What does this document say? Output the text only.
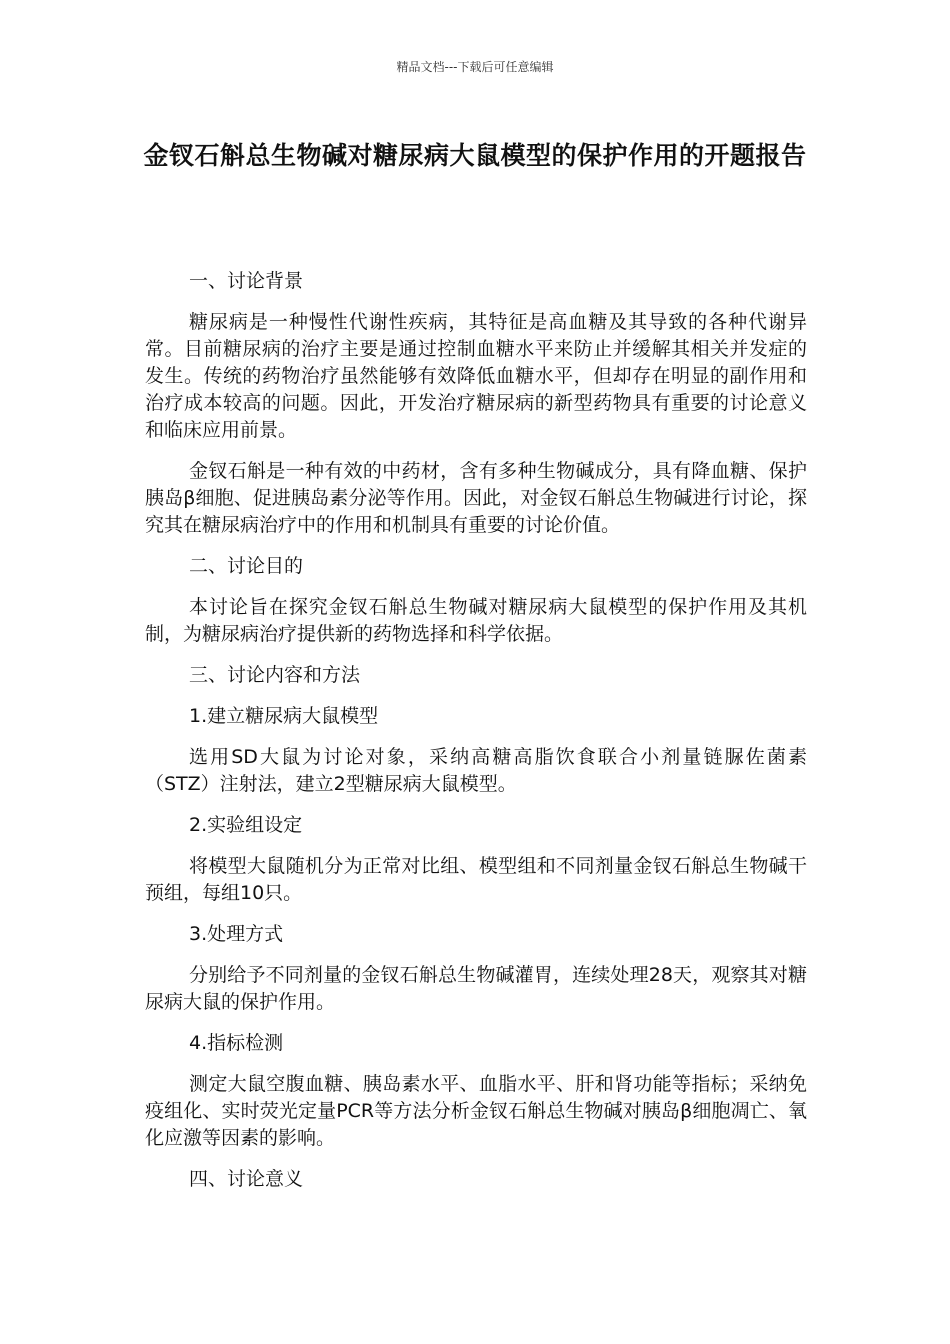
精品文档---下载后可任意编辑
金钗石斛总生物碱对糖尿病大鼠模型的保护作用的开题报告

一、讨论背景

糖尿病是一种慢性代谢性疾病，其特征是高血糖及其导致的各种代谢异常。目前糖尿病的治疗主要是通过控制血糖水平来防止并缓解其相关并发症的发生。传统的药物治疗虽然能够有效降低血糖水平，但却存在明显的副作用和治疗成本较高的问题。因此，开发治疗糖尿病的新型药物具有重要的讨论意义和临床应用前景。

金钗石斛是一种有效的中药材，含有多种生物碱成分，具有降血糖、保护胰岛β细胞、促进胰岛素分泌等作用。因此，对金钗石斛总生物碱进行讨论，探究其在糖尿病治疗中的作用和机制具有重要的讨论价值。

二、讨论目的

本讨论旨在探究金钗石斛总生物碱对糖尿病大鼠模型的保护作用及其机制，为糖尿病治疗提供新的药物选择和科学依据。

三、讨论内容和方法

1.建立糖尿病大鼠模型

选用SD大鼠为讨论对象，采纳高糖高脂饮食联合小剂量链脲佐菌素（STZ）注射法，建立2型糖尿病大鼠模型。

2.实验组设定

将模型大鼠随机分为正常对比组、模型组和不同剂量金钗石斛总生物碱干预组，每组10只。

3.处理方式

分别给予不同剂量的金钗石斛总生物碱灌胃，连续处理28天，观察其对糖尿病大鼠的保护作用。

4.指标检测

测定大鼠空腹血糖、胰岛素水平、血脂水平、肝和肾功能等指标；采纳免疫组化、实时荧光定量PCR等方法分析金钗石斛总生物碱对胰岛β细胞凋亡、氧化应激等因素的影响。

四、讨论意义
